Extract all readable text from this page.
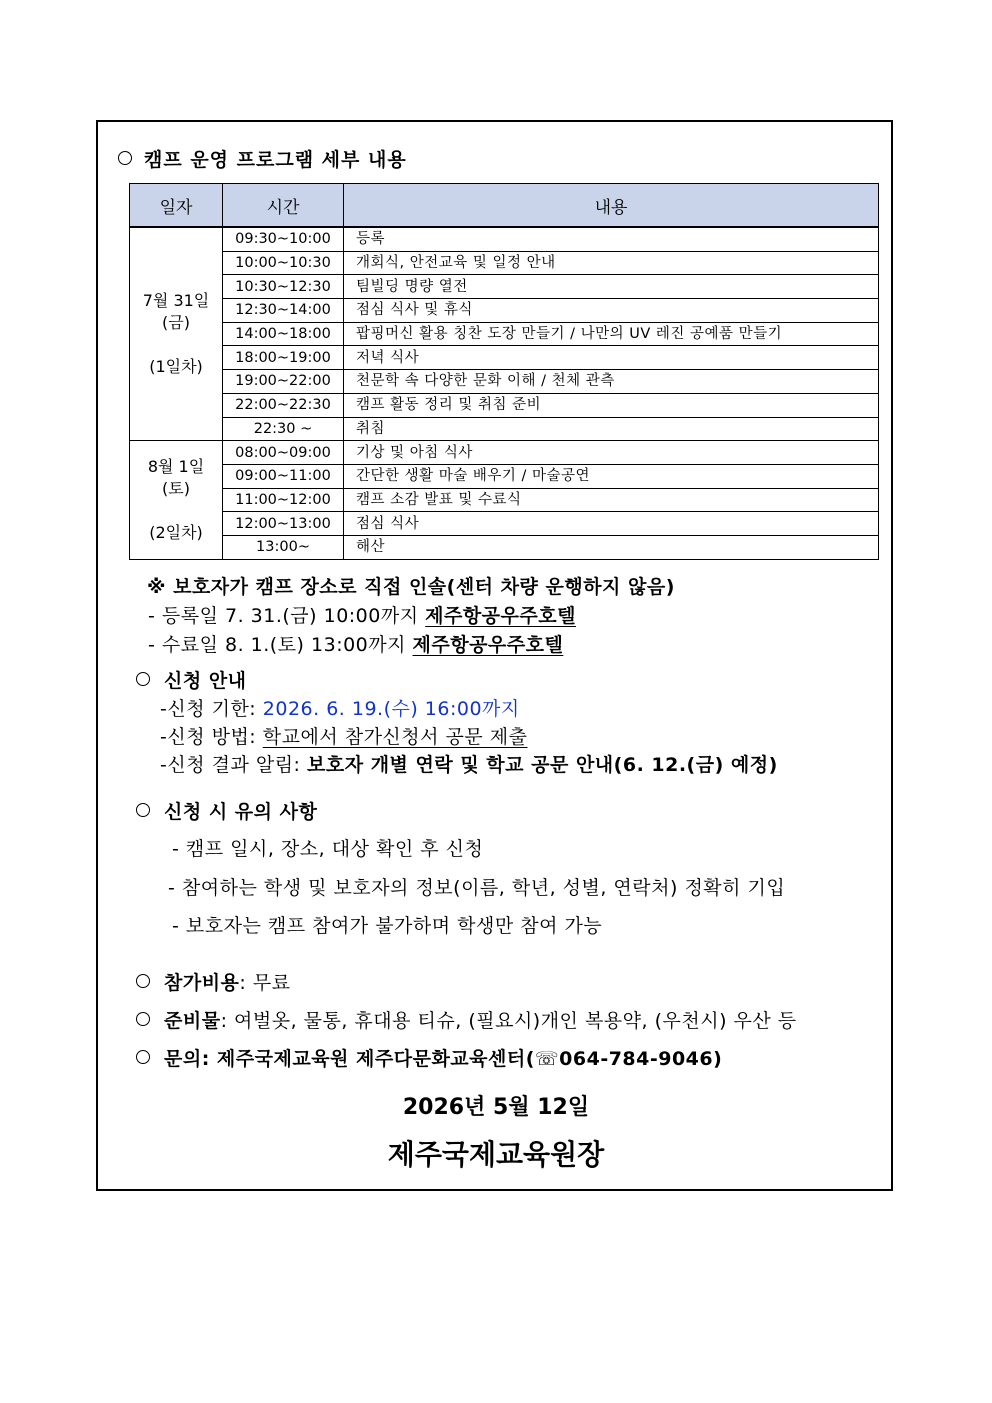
캠프 운영 프로그램 세부 내용
일자	시간	내용

7월 31일
(금)
(1일차)	09:30~10:00	등록
	10:00~10:30	개회식, 안전교육 및 일정 안내
	10:30~12:30	팀빌딩 명량 열전
	12:30~14:00	점심 식사 및 휴식
	14:00~18:00	팝핑머신 활용 칭찬 도장 만들기 / 나만의 UV 레진 공예품 만들기
	18:00~19:00	저녁 식사
	19:00~22:00	천문학 속 다양한 문화 이해 / 천체 관측
	22:00~22:30	캠프 활동 정리 및 취침 준비
	22:30 ~	취침

8월 1일
(토)
(2일차)	08:00~09:00	기상 및 아침 식사
	09:00~11:00	간단한 생활 마술 배우기 / 마술공연
	11:00~12:00	캠프 소감 발표 및 수료식
	12:00~13:00	점심 식사
	13:00~	해산
※ 보호자가 캠프 장소로 직접 인솔(센터 차량 운행하지 않음)
- 등록일 7. 31.(금) 10:00까지 제주항공우주호텔
- 수료일 8. 1.(토) 13:00까지 제주항공우주호텔
신청 안내
-신청 기한: 2026. 6. 19.(수) 16:00까지
-신청 방법: 학교에서 참가신청서 공문 제출
-신청 결과 알림: 보호자 개별 연락 및 학교 공문 안내(6. 12.(금) 예정)
신청 시 유의 사항
- 캠프 일시, 장소, 대상 확인 후 신청
- 참여하는 학생 및 보호자의 정보(이름, 학년, 성별, 연락처) 정확히 기입
- 보호자는 캠프 참여가 불가하며 학생만 참여 가능
참가비용: 무료
준비물: 여벌옷, 물통, 휴대용 티슈, (필요시)개인 복용약, (우천시) 우산 등
문의: 제주국제교육원 제주다문화교육센터(☏064-784-9046)
2026년 5월 12일
제주국제교육원장
